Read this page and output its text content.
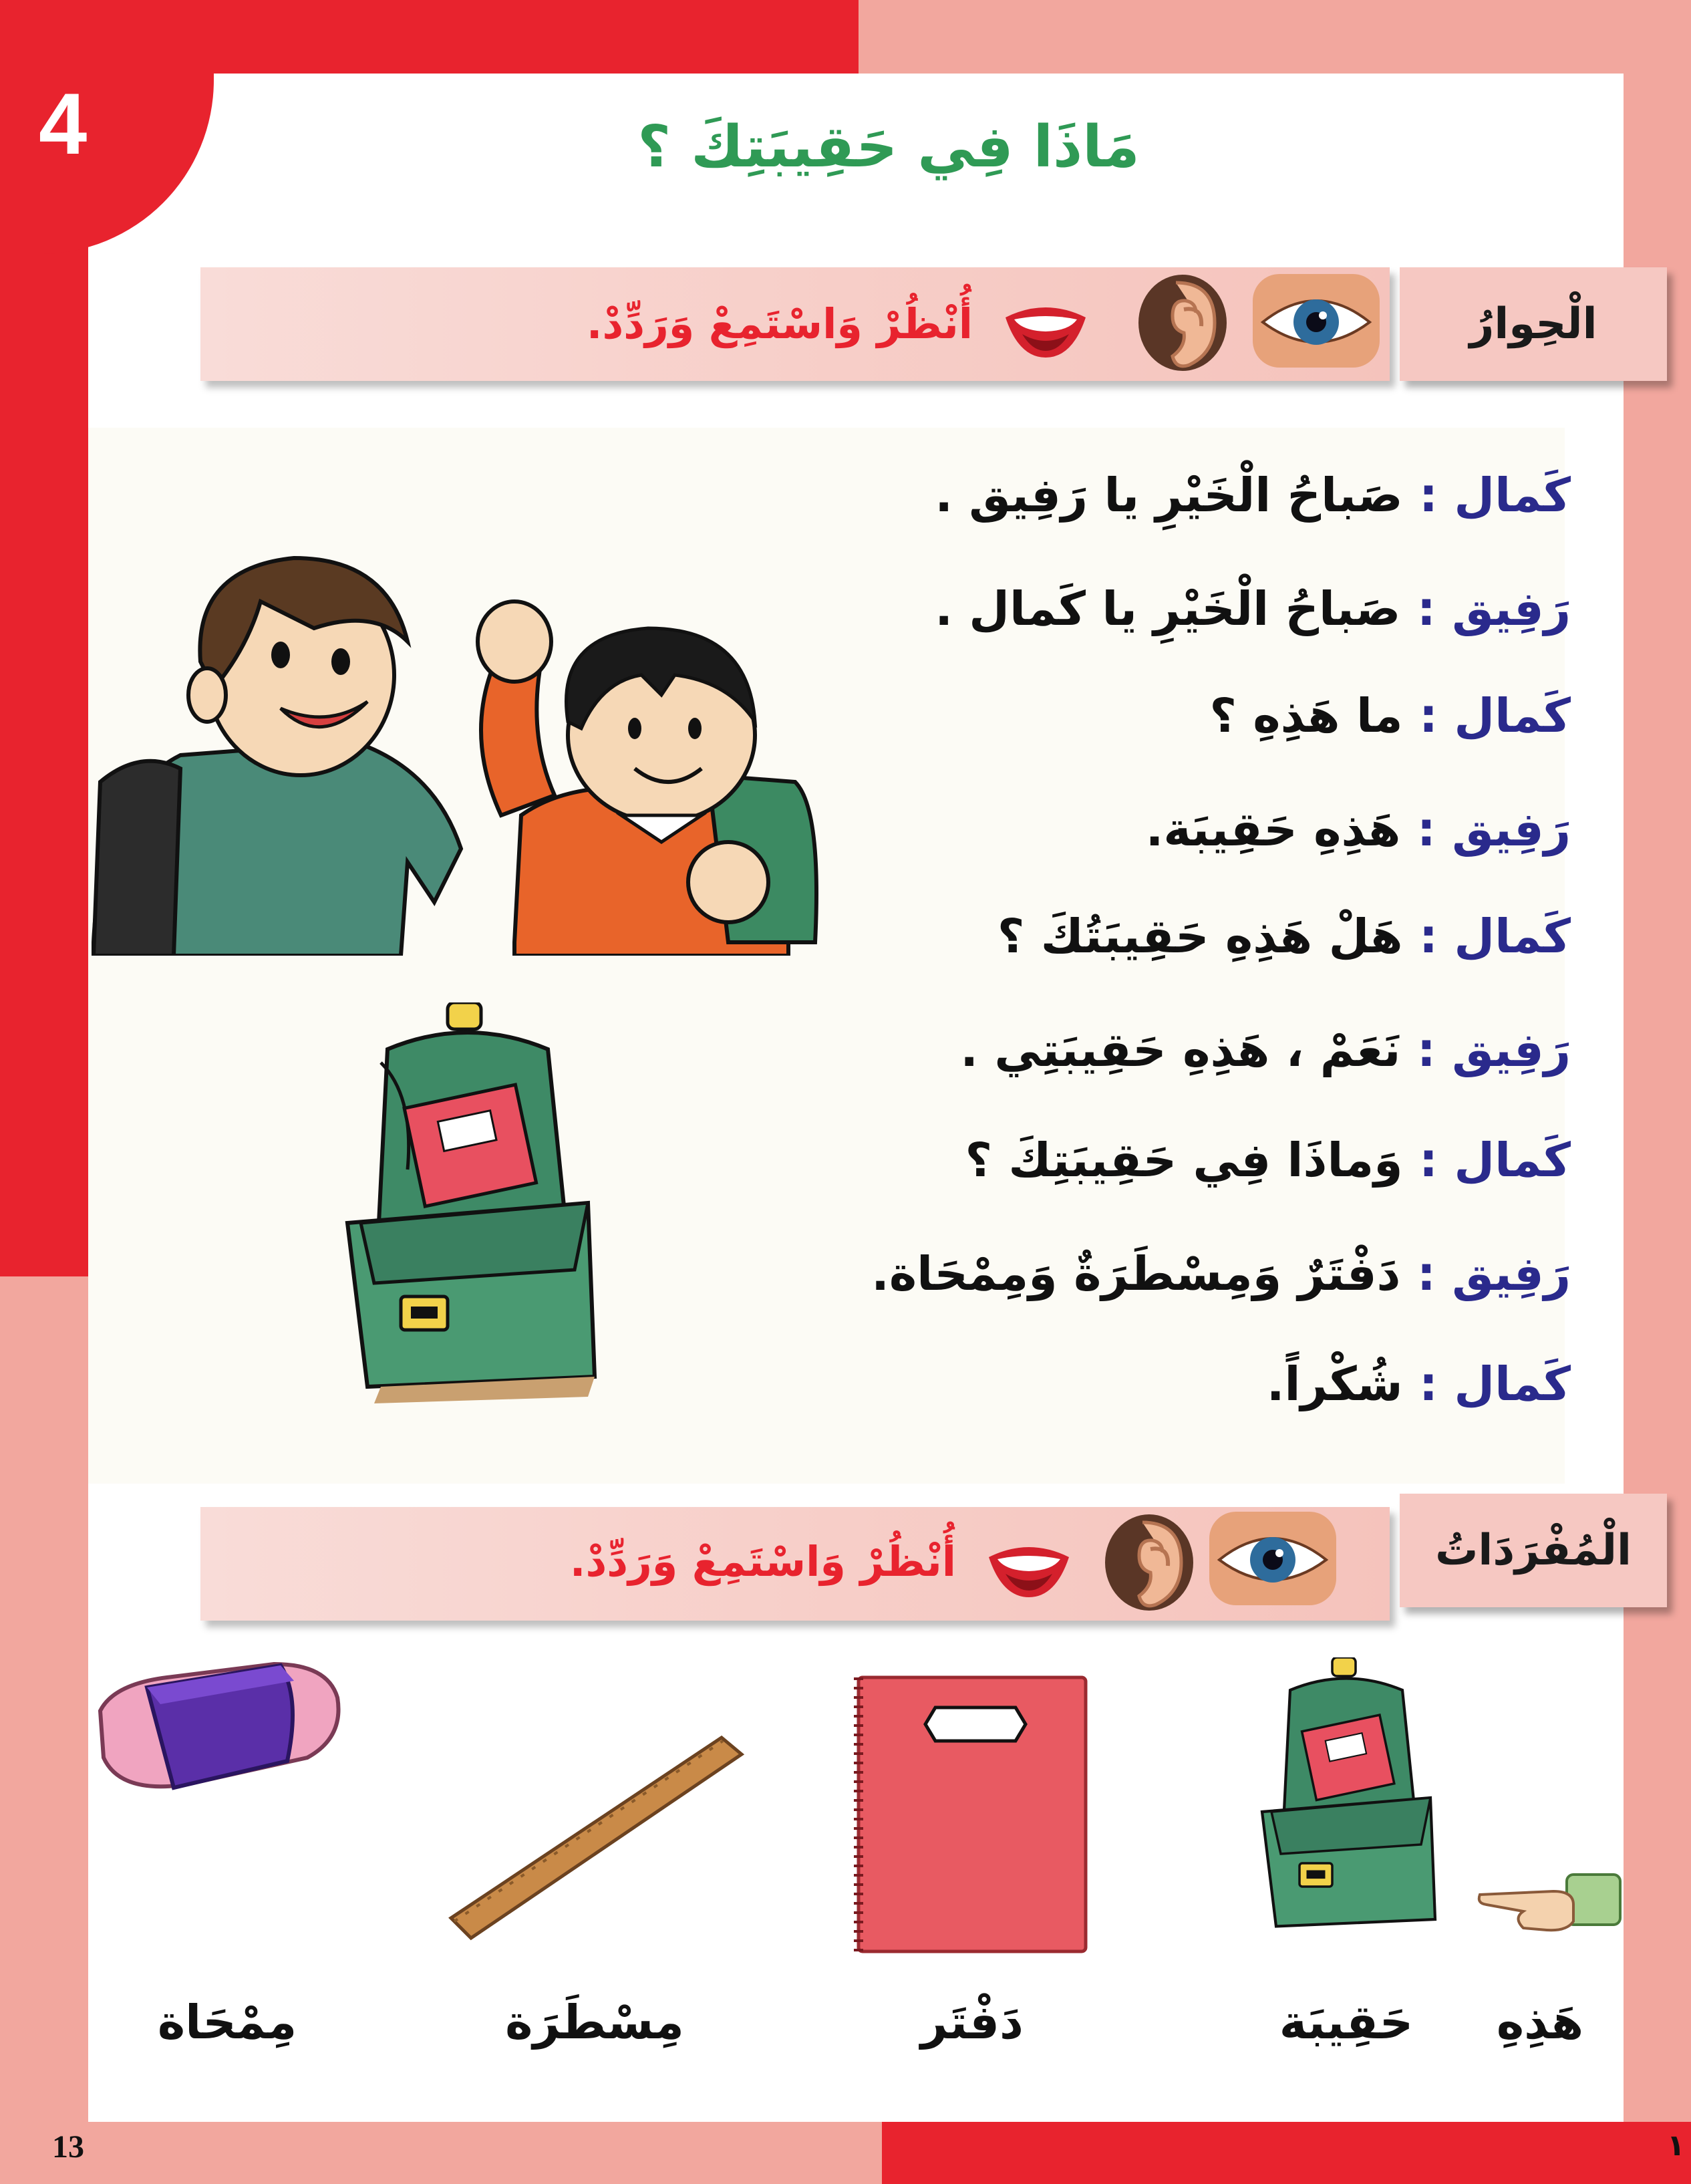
4	مَاذَا فِي حَقِيبَتِكَ ؟
الْحِوارُ
أُنْظُرْ وَاسْتَمِعْ وَرَدِّدْ.
كَمال : صَباحُ الْخَيْرِ يا رَفِيق .
رَفِيق : صَباحُ الْخَيْرِ يا كَمال .
كَمال : ما هَذِهِ ؟
رَفِيق : هَذِهِ حَقِيبَة.
كَمال : هَلْ هَذِهِ حَقِيبَتُكَ ؟
رَفِيق : نَعَمْ ، هَذِهِ حَقِيبَتِي .
كَمال : وَماذَا فِي حَقِيبَتِكَ ؟
رَفِيق : دَفْتَرٌ وَمِسْطَرَةٌ وَمِمْحَاة.
كَمال : شُكْراً.
الْمُفْرَدَاتُ
أُنْظُرْ وَاسْتَمِعْ وَرَدِّدْ.
هَذِهِ
حَقِيبَة
دَفْتَر
مِسْطَرَة
مِمْحَاة
13	١
